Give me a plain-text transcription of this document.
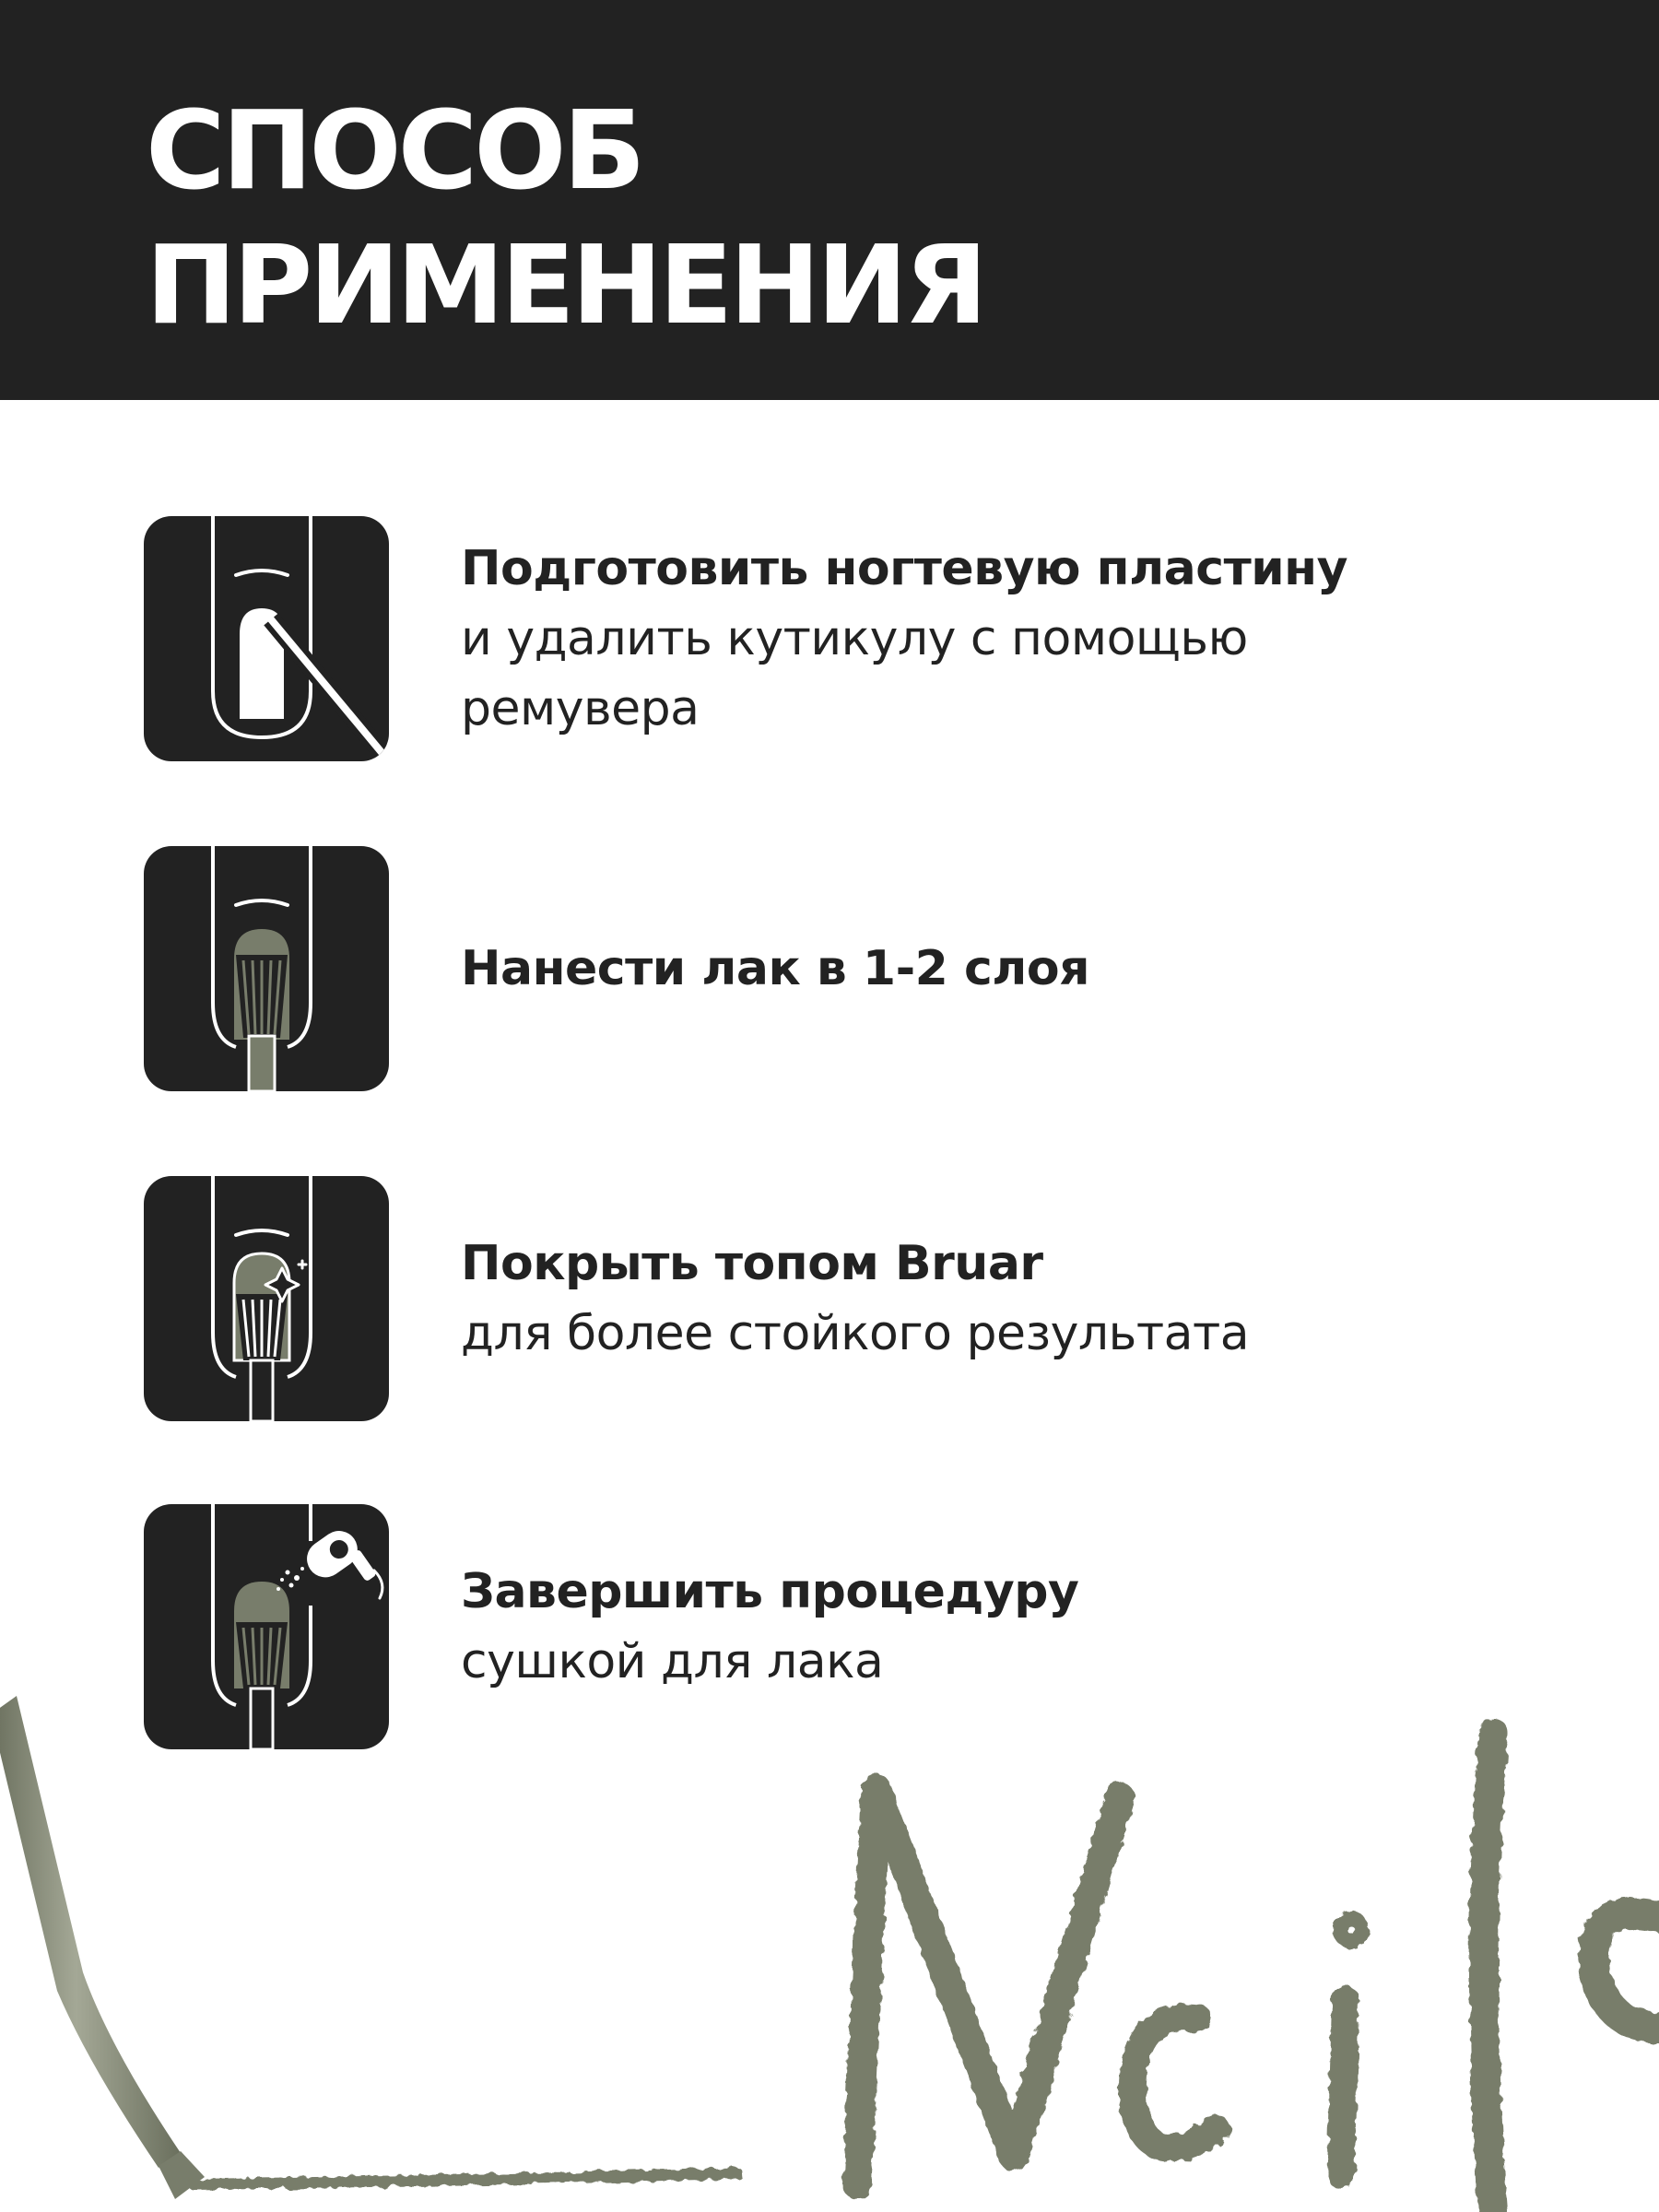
СПОСОБ
ПРИМЕНЕНИЯ
Подготовить ногтевую пластину
и удалить кутикулу с помощью
ремувера
Нанести лак в 1-2 слоя
Покрыть топом Bruar
для более стойкого результата
Завершить процедуру
сушкой для лака
